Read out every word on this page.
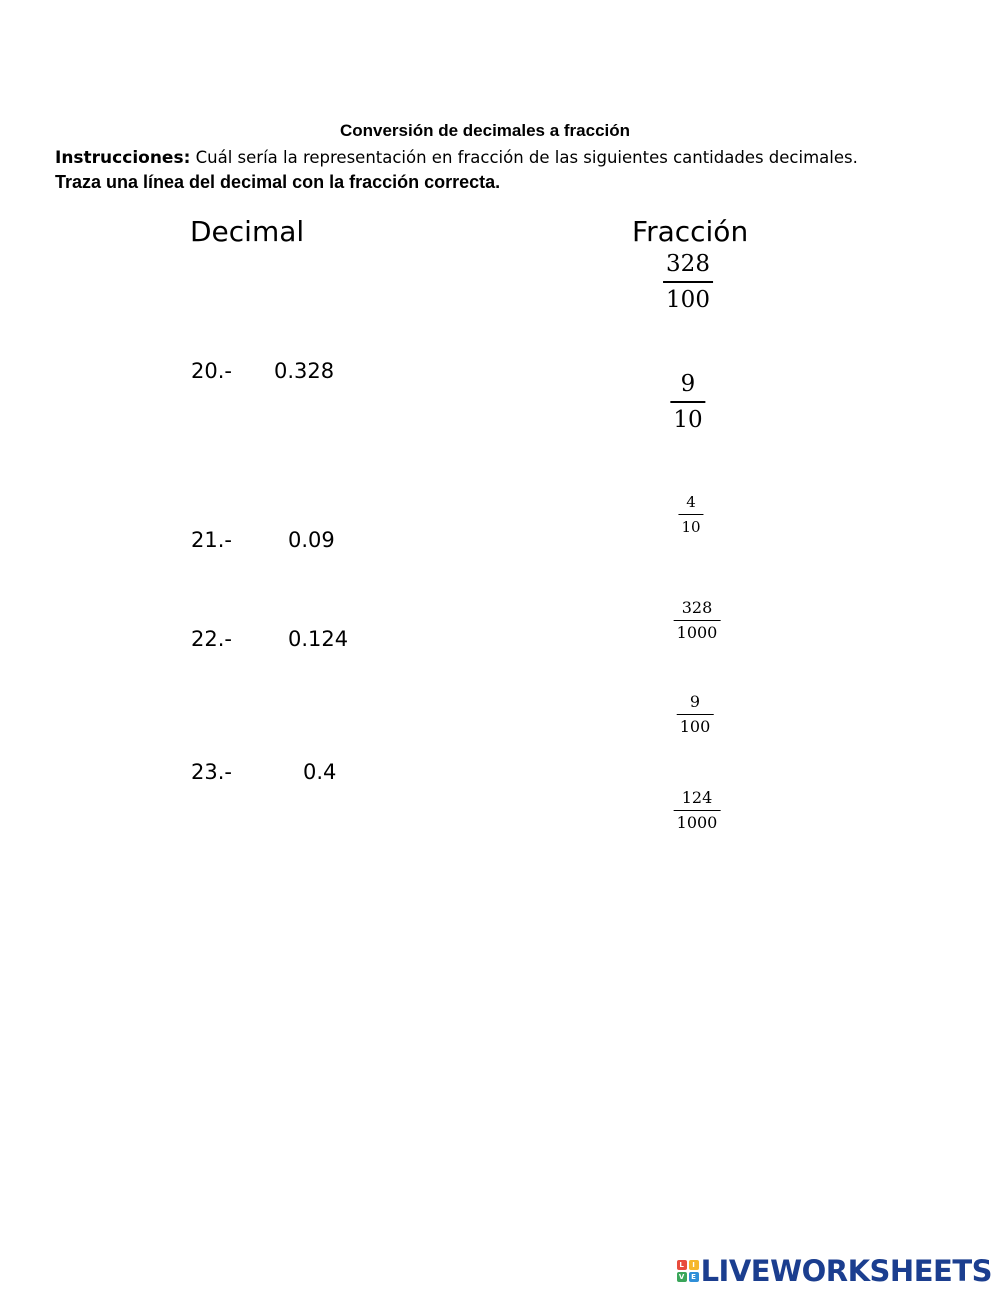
Conversión de decimales a fracción
Instrucciones: Cuál sería la representación en fracción de las siguientes cantidades decimales.
Traza una línea del decimal con la fracción correcta.
Decimal	Fracción
20.- 0.328
21.-	0.09
22.-	0.124
23.-	0.4
328
100
9
10
4
10
328
1000
9
100
124
1000
L	I
V E LIVEWORKSHEETS
